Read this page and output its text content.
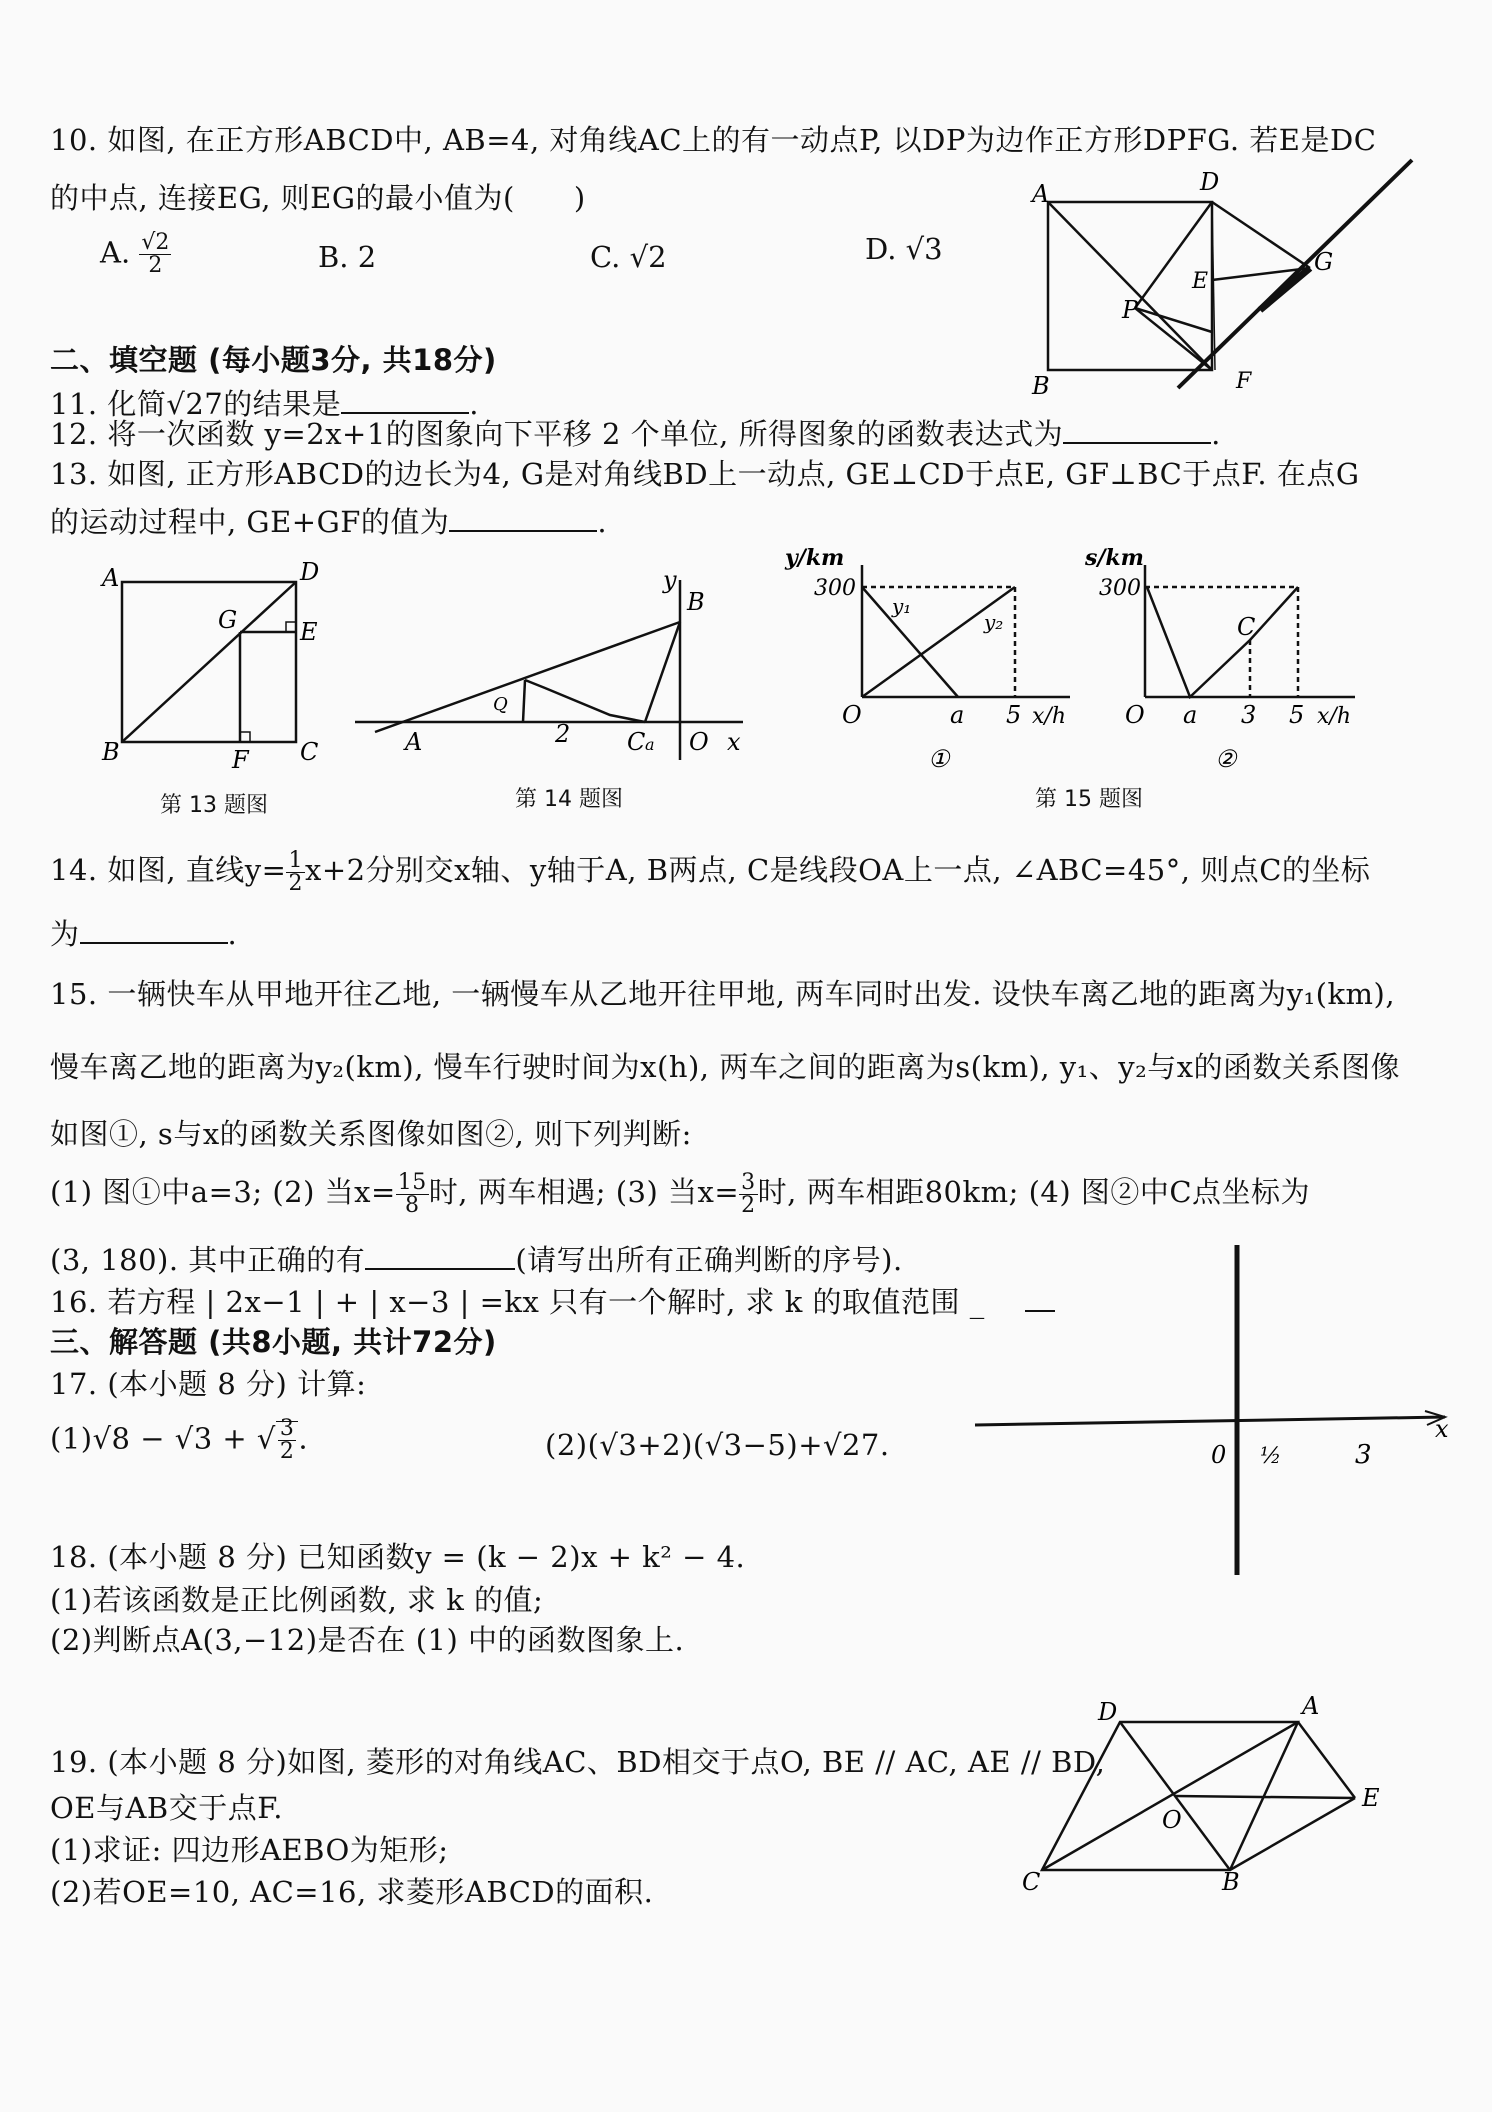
10. 如图, 在正方形ABCD中, AB=4, 对角线AC上的有一动点P, 以DP为边作正方形DPFG. 若E是DC
的中点, 连接EG, 则EG的最小值为(　　)
A. $\frac{√2}{2}$	B. 2	C. √2	D. √3
A	D
B
P
E
G
F
二、填空题 (每小题3分, 共18分)
11. 化简√27的结果是	.
12. 将一次函数 y=2x+1的图象向下平移 2 个单位, 所得图象的函数表达式为	.
13. 如图, 正方形ABCD的边长为4, G是对角线BD上一动点, GE⊥CD于点E, GF⊥BC于点F. 在点G
的运动过程中, GE+GF的值为	.
A	D
G	E
B	F C
y
B
A	C a O x
Q
2
y/km
300
y₁
y₂
O	a 5 x/h
①
s/km
300
C
O a 3 5 x/h
②
第 13 题图	第 14 题图	第 15 题图
14. 如图, 直线$y= \frac{1}{2} x+2$分别交x轴、y轴于A, B两点, C是线段OA上一点, ∠ABC=45°, 则点C的坐标
为	.
15. 一辆快车从甲地开往乙地, 一辆慢车从乙地开往甲地, 两车同时出发. 设快车离乙地的距离为y₁(km),
慢车离乙地的距离为y₂(km), 慢车行驶时间为x(h), 两车之间的距离为s(km), y₁、y₂与x的函数关系图像
如图①, s与x的函数关系图像如图②, 则下列判断:
(1) 图①中a=3; (2) 当$x= \frac{15}{8}$ 时, 两车相遇; (3) 当$x= \frac{3}{2}$ 时, 两车相距80km; (4) 图②中C点坐标为
(3, 180). 其中正确的有	(请写出所有正确判断的序号).
16. 若方程 | 2x−1 | + | x−3 | =kx 只有一个解时, 求 k 的取值范围 _
三、解答题 (共8小题, 共计72分)
17. (本小题 8 分) 计算:
(1)√8 − √3 + √ $\frac{3}{2}$ .	(2)(√3+2)(√3−5)+√27.	0 ½	3
x
18. (本小题 8 分) 已知函数y = (k − 2)x + k² − 4.
(1)若该函数是正比例函数, 求 k 的值;
(2)判断点A(3,−12)是否在 (1) 中的函数图象上.
19. (本小题 8 分)如图, 菱形的对角线AC、BD相交于点O, BE // AC, AE // BD,
OE与AB交于点F.
(1)求证: 四边形AEBO为矩形;
(2)若OE=10, AC=16, 求菱形ABCD的面积.
D	A
E
O
C	B
